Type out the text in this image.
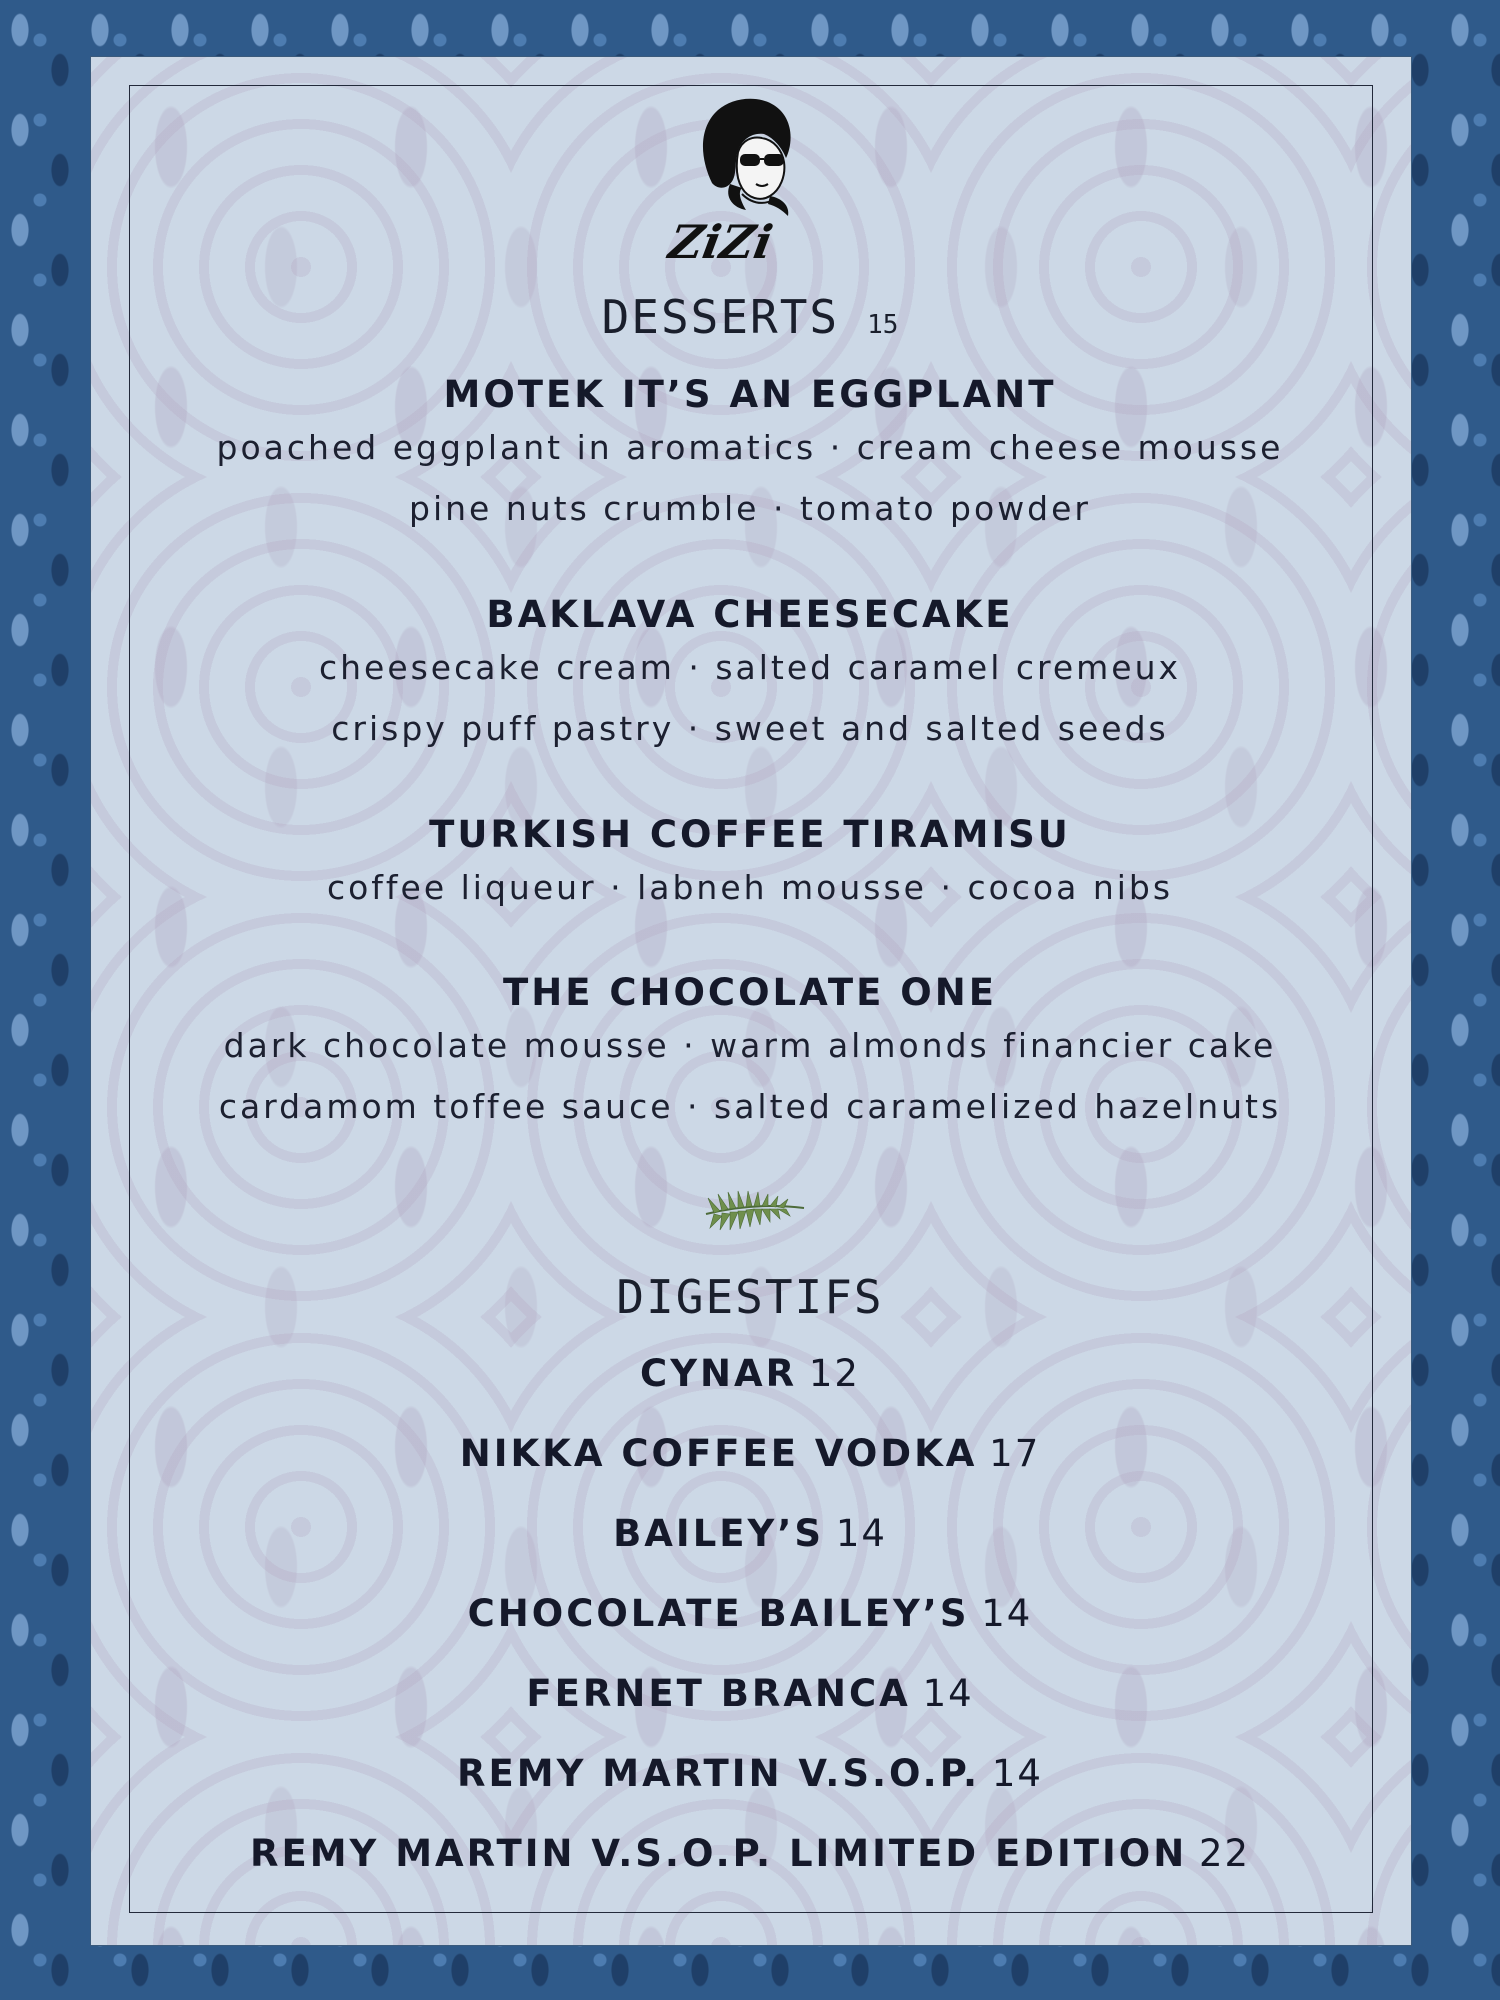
ZiZi
DESSERTS 15
MOTEK IT’S AN EGGPLANT
poached eggplant in aromatics · cream cheese mousse
pine nuts crumble · tomato powder
BAKLAVA CHEESECAKE
cheesecake cream · salted caramel cremeux
crispy puff pastry · sweet and salted seeds
TURKISH COFFEE TIRAMISU
coffee liqueur · labneh mousse · cocoa nibs
THE CHOCOLATE ONE
dark chocolate mousse · warm almonds financier cake
cardamom toffee sauce · salted caramelized hazelnuts
DIGESTIFS
CYNAR 12
NIKKA COFFEE VODKA 17
BAILEY’S 14
CHOCOLATE BAILEY’S 14
FERNET BRANCA 14
REMY MARTIN V.S.O.P. 14
REMY MARTIN V.S.O.P. LIMITED EDITION 22
